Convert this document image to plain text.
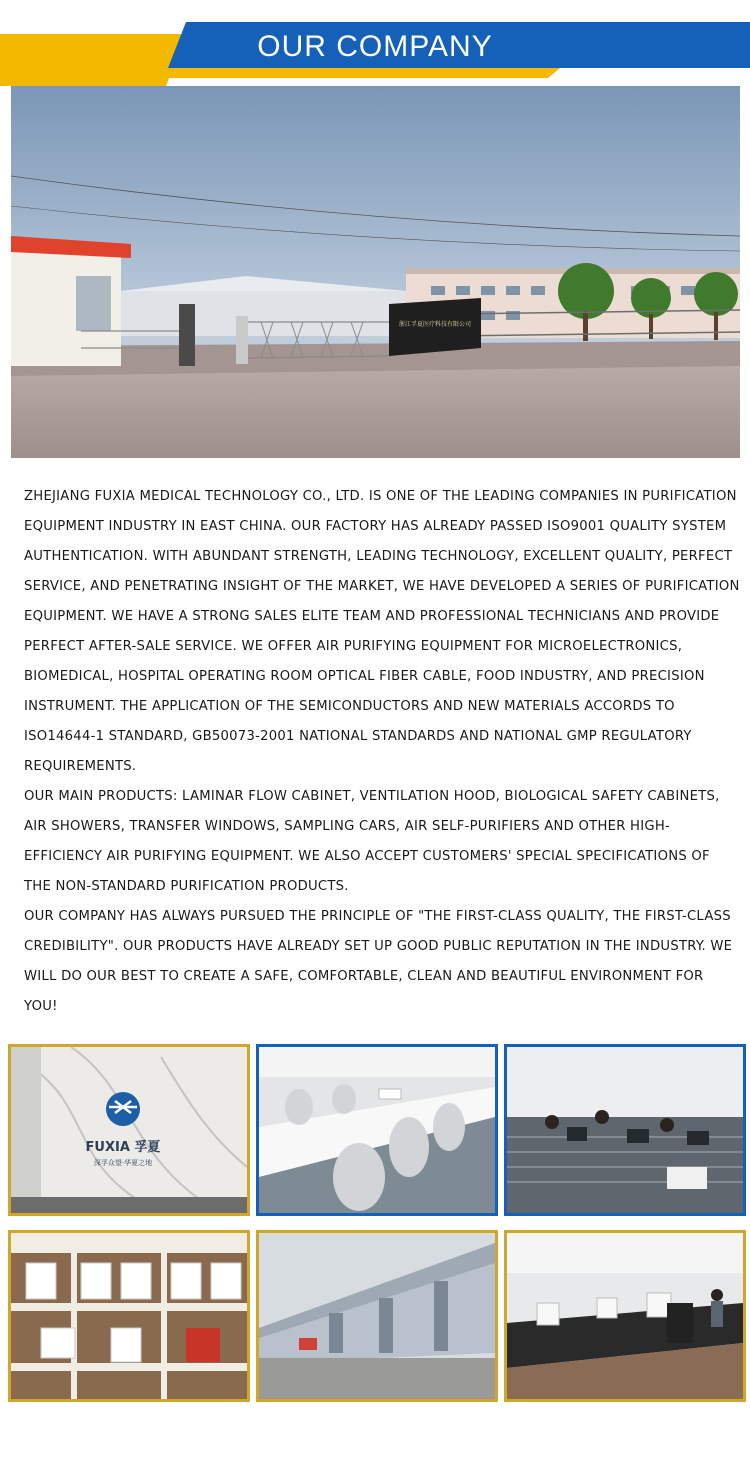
OUR COMPANY
浙江孚夏医疗科技有限公司

ZHEJIANG FUXIA MEDICAL TECHNOLOGY CO., LTD. IS ONE OF THE LEADING COMPANIES IN PURIFICATION EQUIPMENT INDUSTRY IN EAST CHINA. OUR FACTORY HAS ALREADY PASSED ISO9001 QUALITY SYSTEM AUTHENTICATION. WITH ABUNDANT STRENGTH, LEADING TECHNOLOGY, EXCELLENT QUALITY, PERFECT SERVICE, AND PENETRATING INSIGHT OF THE MARKET, WE HAVE DEVELOPED A SERIES OF PURIFICATION EQUIPMENT. WE HAVE A STRONG SALES ELITE TEAM AND PROFESSIONAL TECHNICIANS AND PROVIDE PERFECT AFTER-SALE SERVICE. WE OFFER AIR PURIFYING EQUIPMENT FOR MICROELECTRONICS, BIOMEDICAL, HOSPITAL OPERATING ROOM OPTICAL FIBER CABLE, FOOD INDUSTRY, AND PRECISION INSTRUMENT. THE APPLICATION OF THE SEMICONDUCTORS AND NEW MATERIALS ACCORDS TO ISO14644-1 STANDARD, GB50073-2001 NATIONAL STANDARDS AND NATIONAL GMP REGULATORY REQUIREMENTS.

OUR MAIN PRODUCTS: LAMINAR FLOW CABINET, VENTILATION HOOD, BIOLOGICAL SAFETY CABINETS, AIR SHOWERS, TRANSFER WINDOWS, SAMPLING CARS, AIR SELF-PURIFIERS AND OTHER HIGH-EFFICIENCY AIR PURIFYING EQUIPMENT. WE ALSO ACCEPT CUSTOMERS' SPECIAL SPECIFICATIONS OF THE NON-STANDARD PURIFICATION PRODUCTS.

OUR COMPANY HAS ALWAYS PURSUED THE PRINCIPLE OF "THE FIRST-CLASS QUALITY, THE FIRST-CLASS CREDIBILITY". OUR PRODUCTS HAVE ALREADY SET UP GOOD PUBLIC REPUTATION IN THE INDUSTRY. WE WILL DO OUR BEST TO CREATE A SAFE, COMFORTABLE, CLEAN AND BEAUTIFUL ENVIRONMENT FOR YOU!

FUXIA 孚夏
深孚众望·华夏之地
